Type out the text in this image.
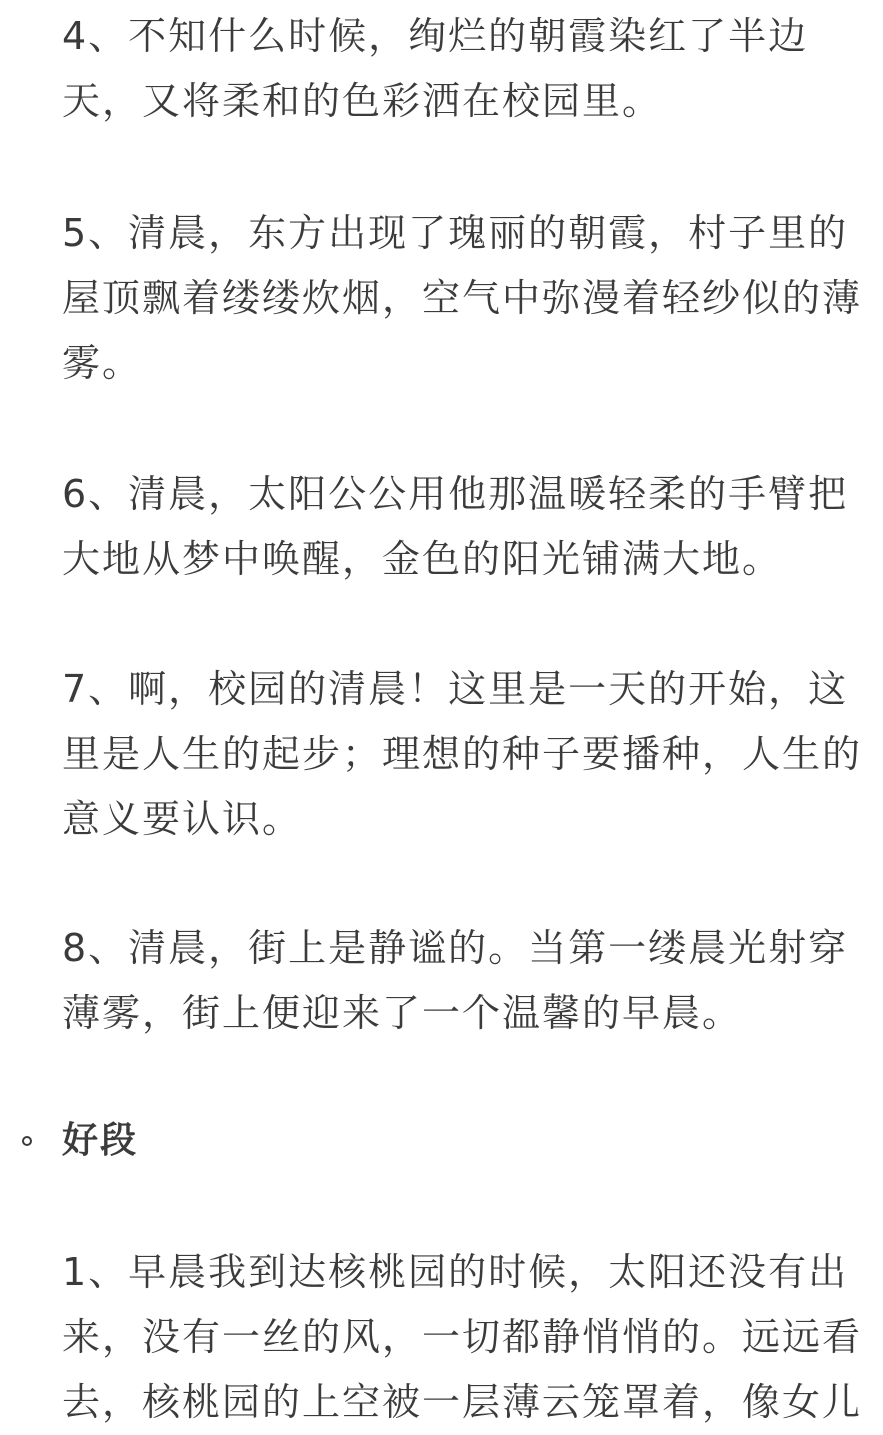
4、不知什么时候，绚烂的朝霞染红了半边天，又将柔和的色彩洒在校园里。

5、清晨，东方出现了瑰丽的朝霞，村子里的屋顶飘着缕缕炊烟，空气中弥漫着轻纱似的薄雾。

6、清晨，太阳公公用他那温暖轻柔的手臂把大地从梦中唤醒，金色的阳光铺满大地。

7、啊，校园的清晨！这里是一天的开始，这里是人生的起步；理想的种子要播种，人生的意义要认识。

8、清晨，街上是静谧的。当第一缕晨光射穿薄雾，街上便迎来了一个温馨的早晨。

好段

1、早晨我到达核桃园的时候，太阳还没有出来，没有一丝的风，一切都静悄悄的。远远看去，核桃园的上空被一层薄云笼罩着，像女儿
